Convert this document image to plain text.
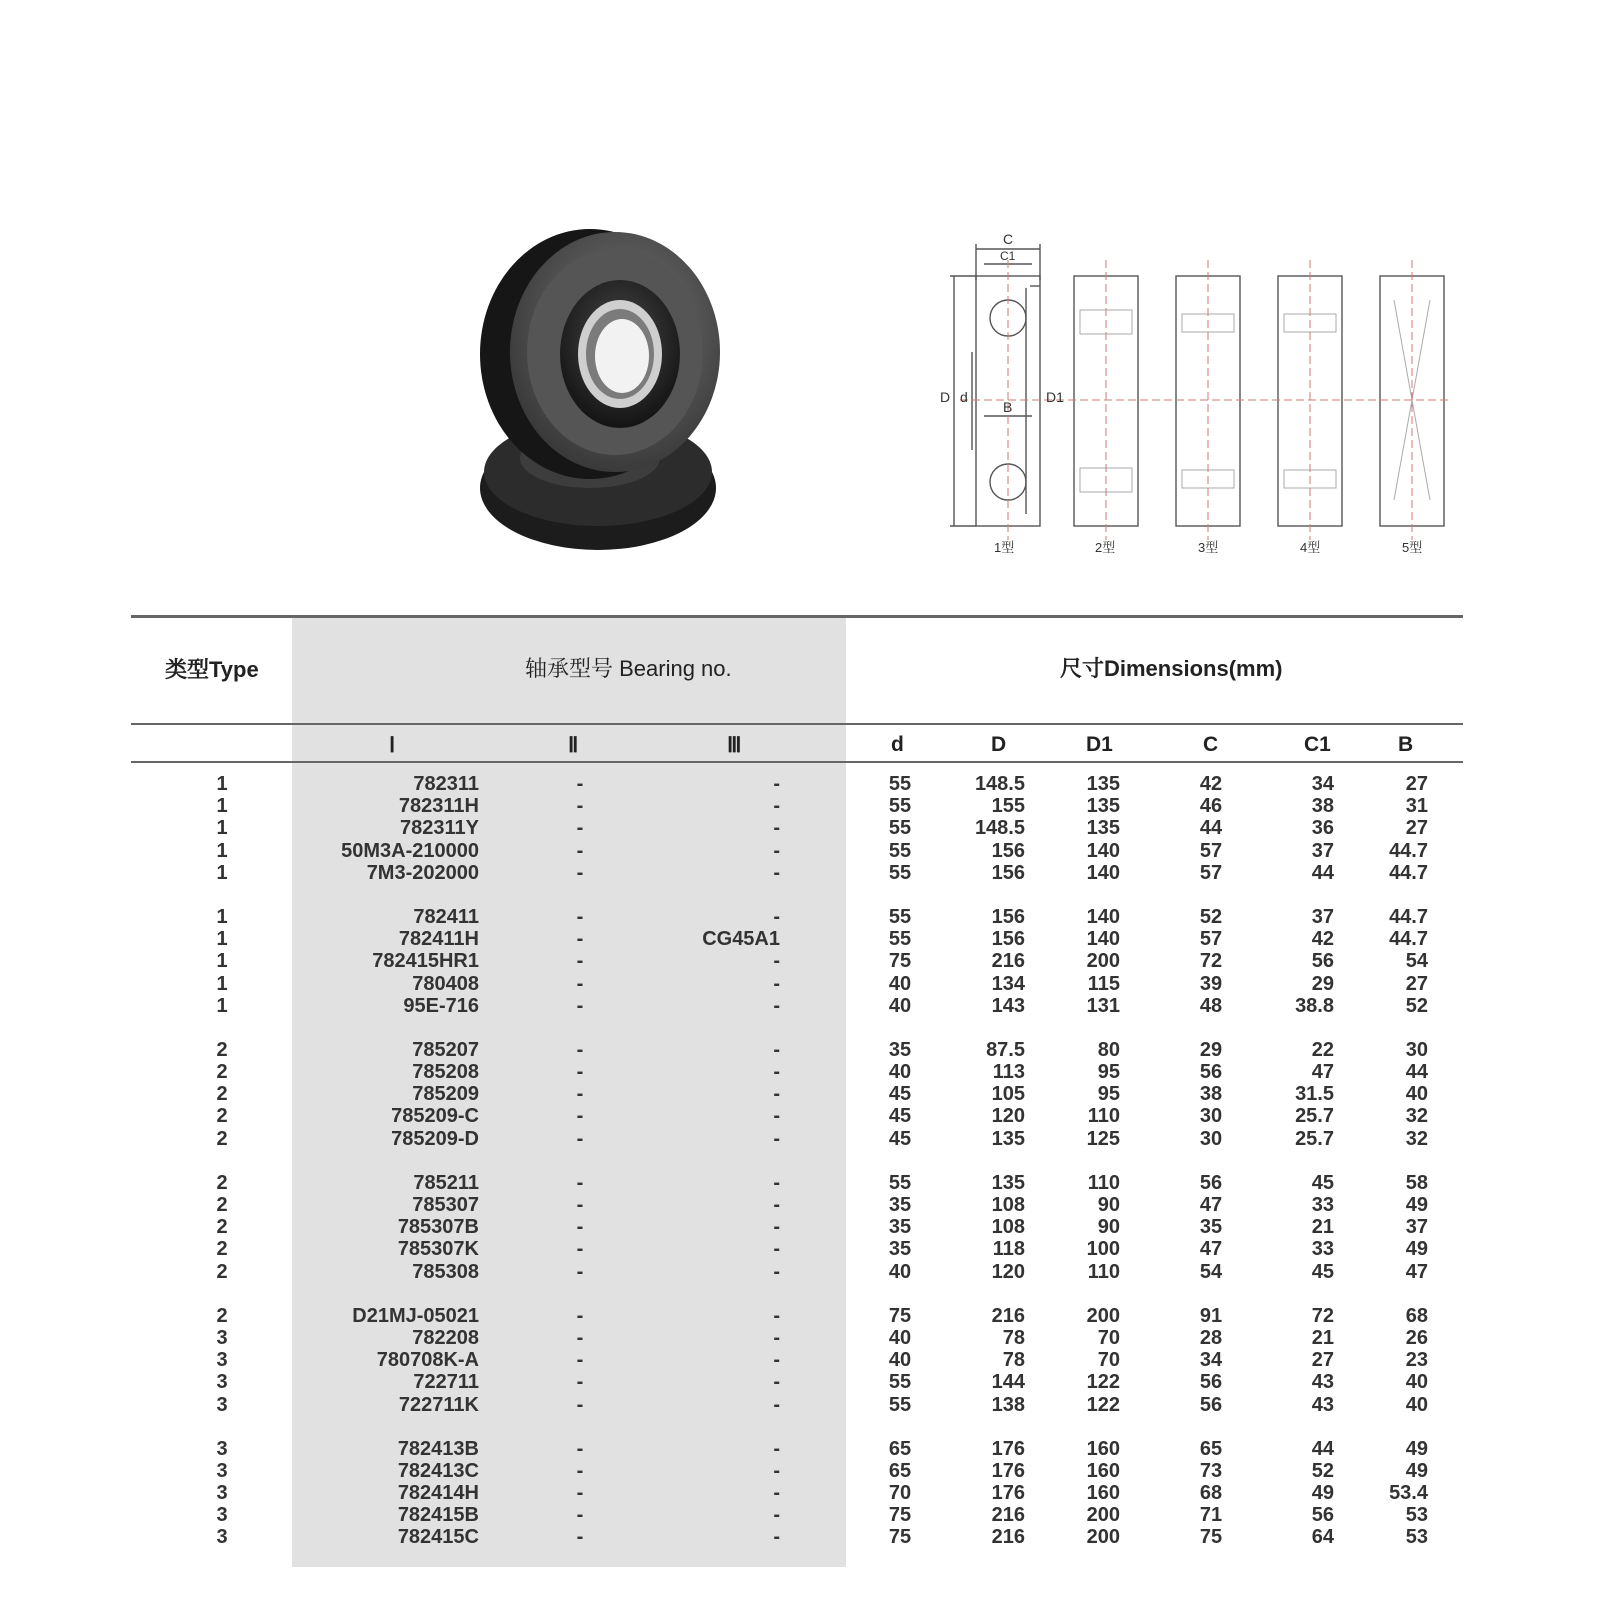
C
C1
D d	D1
B
1型	2型	3型	4型	5型
类型Type	轴承型号 Bearing no.	尺寸Dimensions(mm)
Ⅰ	Ⅱ	Ⅲ	d	D	D1	C	C1	B
1	782311	-	-	55	148.5	135	42	34	27
1	782311H	-	-	55	155	135	46	38	31
1	782311Y	-	-	55	148.5	135	44	36	27
1	50M3A-210000	-	-	55	156	140	57	37	44.7
1	7M3-202000	-	-	55	156	140	57	44	44.7
1	782411	-	-	55	156	140	52	37	44.7
1	782411H	-	CG45A1	55	156	140	57	42	44.7
1	782415HR1	-	-	75	216	200	72	56	54
1	780408	-	-	40	134	115	39	29	27
1	95E-716	-	-	40	143	131	48	38.8	52
2	785207	-	-	35	87.5	80	29	22	30
2	785208	-	-	40	113	95	56	47	44
2	785209	-	-	45	105	95	38	31.5	40
2	785209-C	-	-	45	120	110	30	25.7	32
2	785209-D	-	-	45	135	125	30	25.7	32
2	785211	-	-	55	135	110	56	45	58
2	785307	-	-	35	108	90	47	33	49
2	785307B	-	-	35	108	90	35	21	37
2	785307K	-	-	35	118	100	47	33	49
2	785308	-	-	40	120	110	54	45	47
2	D21MJ-05021	-	-	75	216	200	91	72	68
3	782208	-	-	40	78	70	28	21	26
3	780708K-A	-	-	40	78	70	34	27	23
3	722711	-	-	55	144	122	56	43	40
3	722711K	-	-	55	138	122	56	43	40
3	782413B	-	-	65	176	160	65	44	49
3	782413C	-	-	65	176	160	73	52	49
3	782414H	-	-	70	176	160	68	49	53.4
3	782415B	-	-	75	216	200	71	56	53
3	782415C	-	-	75	216	200	75	64	53
